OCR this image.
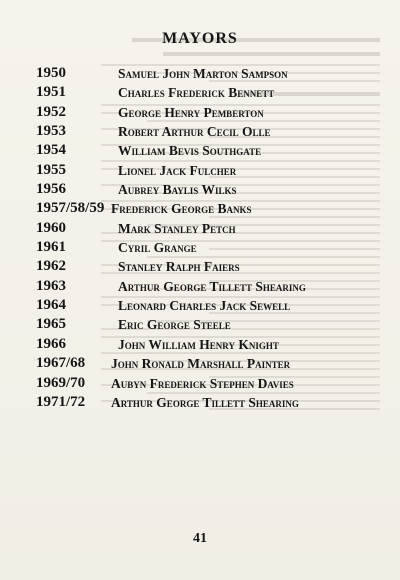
MAYORS
1950	Samuel John Marton Sampson
1951	Charles Frederick Bennett
1952	George Henry Pemberton
1953	Robert Arthur Cecil Olle
1954	William Bevis Southgate
1955	Lionel Jack Fulcher
1956	Aubrey Baylis Wilks
1957/58/59 Frederick George Banks
1960	Mark Stanley Petch
1961	Cyril Grange
1962	Stanley Ralph Faiers
1963	Arthur George Tillett Shearing
1964	Leonard Charles Jack Sewell
1965	Eric George Steele
1966	John William Henry Knight
1967/68 John Ronald Marshall Painter
1969/70 Aubyn Frederick Stephen Davies
1971/72 Arthur George Tillett Shearing
41
